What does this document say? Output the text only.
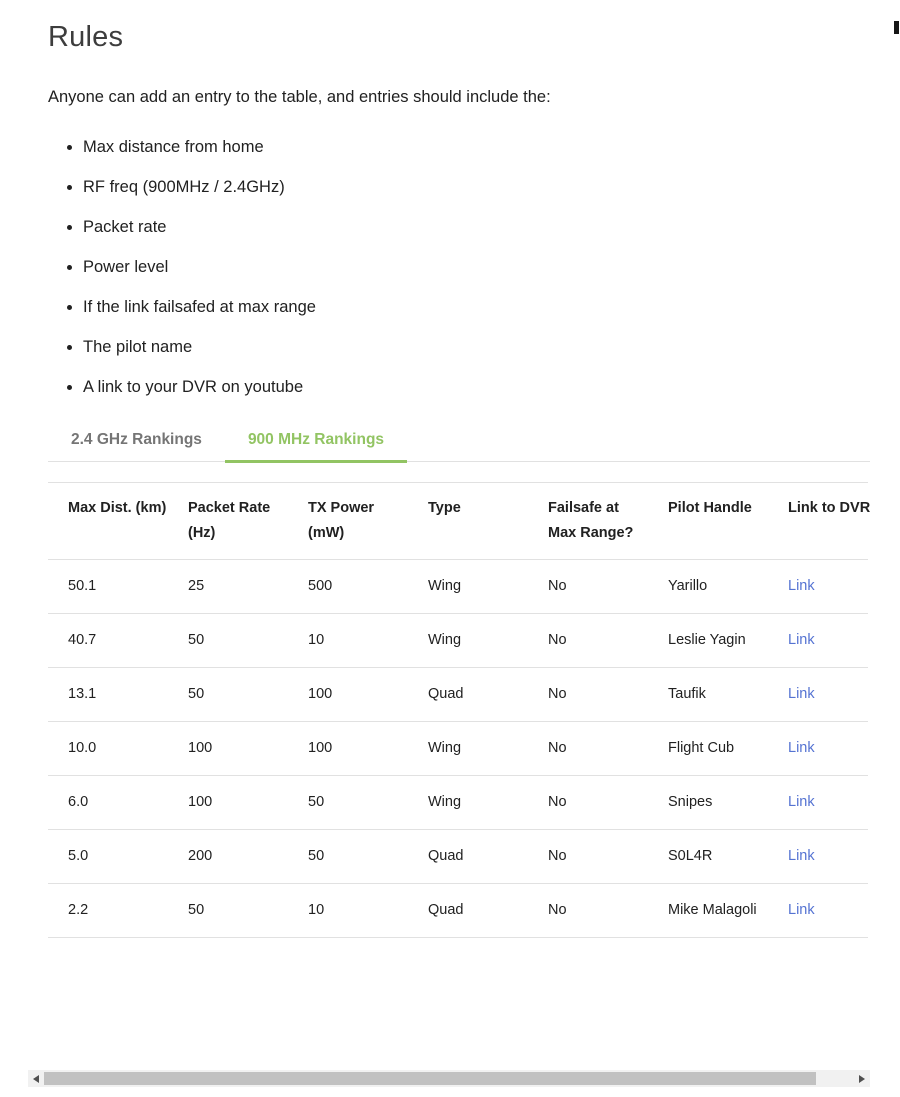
Rules

Anyone can add an entry to the table, and entries should include the:

• Max distance from home
• RF freq (900MHz / 2.4GHz)
• Packet rate
• Power level
• If the link failsafed at max range
• The pilot name
• A link to your DVR on youtube
2.4 GHz Rankings	900 MHz Rankings
Max Dist. (km)	Packet Rate (Hz)	TX Power (mW)	Type	Failsafe at Max Range?	Pilot Handle	Link to DVR
50.1	25	500	Wing	No	Yarillo	Link
40.7	50	10	Wing	No	Leslie Yagin	Link
13.1	50	100	Quad	No	Taufik	Link
10.0	100	100	Wing	No	Flight Cub	Link
6.0	100	50	Wing	No	Snipes	Link
5.0	200	50	Quad	No	S0L4R	Link
2.2	50	10	Quad	No	Mike Malagoli	Link
